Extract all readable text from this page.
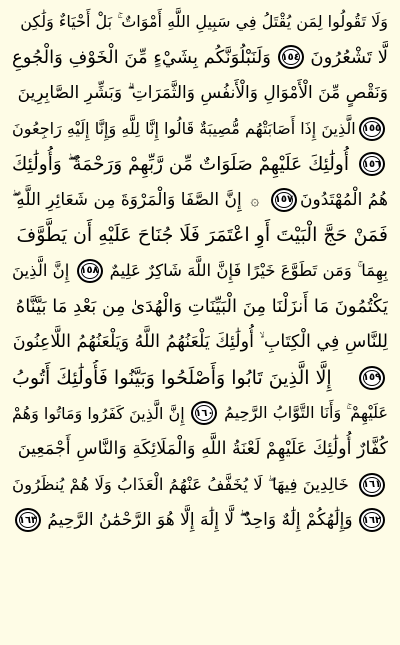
وَلَا تَقُولُوا لِمَن يُقْتَلُ فِي سَبِيلِ اللَّهِ أَمْوَاتٌ ۚ بَلْ أَحْيَاءٌ وَلَٰكِن
لَّا تَشْعُرُونَ
١٥٤
وَلَنَبْلُوَنَّكُم بِشَيْءٍ مِّنَ الْخَوْفِ وَالْجُوعِ
وَنَقْصٍ مِّنَ الْأَمْوَالِ وَالْأَنفُسِ وَالثَّمَرَاتِ ۗ وَبَشِّرِ الصَّابِرِينَ
١٥٥
الَّذِينَ إِذَا أَصَابَتْهُم مُّصِيبَةٌ قَالُوا إِنَّا لِلَّهِ وَإِنَّا إِلَيْهِ رَاجِعُونَ
١٥٦
أُولَٰئِكَ عَلَيْهِمْ صَلَوَاتٌ مِّن رَّبِّهِمْ وَرَحْمَةٌ ۖ وَأُولَٰئِكَ
هُمُ الْمُهْتَدُونَ
١٥٧
۞
إِنَّ الصَّفَا وَالْمَرْوَةَ مِن شَعَائِرِ اللَّهِ ۖ
فَمَنْ حَجَّ الْبَيْتَ أَوِ اعْتَمَرَ فَلَا جُنَاحَ عَلَيْهِ أَن يَطَّوَّفَ
بِهِمَا ۚ وَمَن تَطَوَّعَ خَيْرًا فَإِنَّ اللَّهَ شَاكِرٌ عَلِيمٌ
١٥٨
إِنَّ الَّذِينَ
يَكْتُمُونَ مَا أَنزَلْنَا مِنَ الْبَيِّنَاتِ وَالْهُدَىٰ مِن بَعْدِ مَا بَيَّنَّاهُ
لِلنَّاسِ فِي الْكِتَابِ ۙ أُولَٰئِكَ يَلْعَنُهُمُ اللَّهُ وَيَلْعَنُهُمُ اللَّاعِنُونَ
١٥٩
إِلَّا الَّذِينَ تَابُوا وَأَصْلَحُوا وَبَيَّنُوا فَأُولَٰئِكَ أَتُوبُ
عَلَيْهِمْ ۚ وَأَنَا التَّوَّابُ الرَّحِيمُ
١٦٠
إِنَّ الَّذِينَ كَفَرُوا وَمَاتُوا وَهُمْ
كُفَّارٌ أُولَٰئِكَ عَلَيْهِمْ لَعْنَةُ اللَّهِ وَالْمَلَائِكَةِ وَالنَّاسِ أَجْمَعِينَ
١٦١
خَالِدِينَ فِيهَا ۖ لَا يُخَفَّفُ عَنْهُمُ الْعَذَابُ وَلَا هُمْ يُنظَرُونَ
١٦٢
وَإِلَٰهُكُمْ إِلَٰهٌ وَاحِدٌ ۖ لَّا إِلَٰهَ إِلَّا هُوَ الرَّحْمَٰنُ الرَّحِيمُ
١٦٣
